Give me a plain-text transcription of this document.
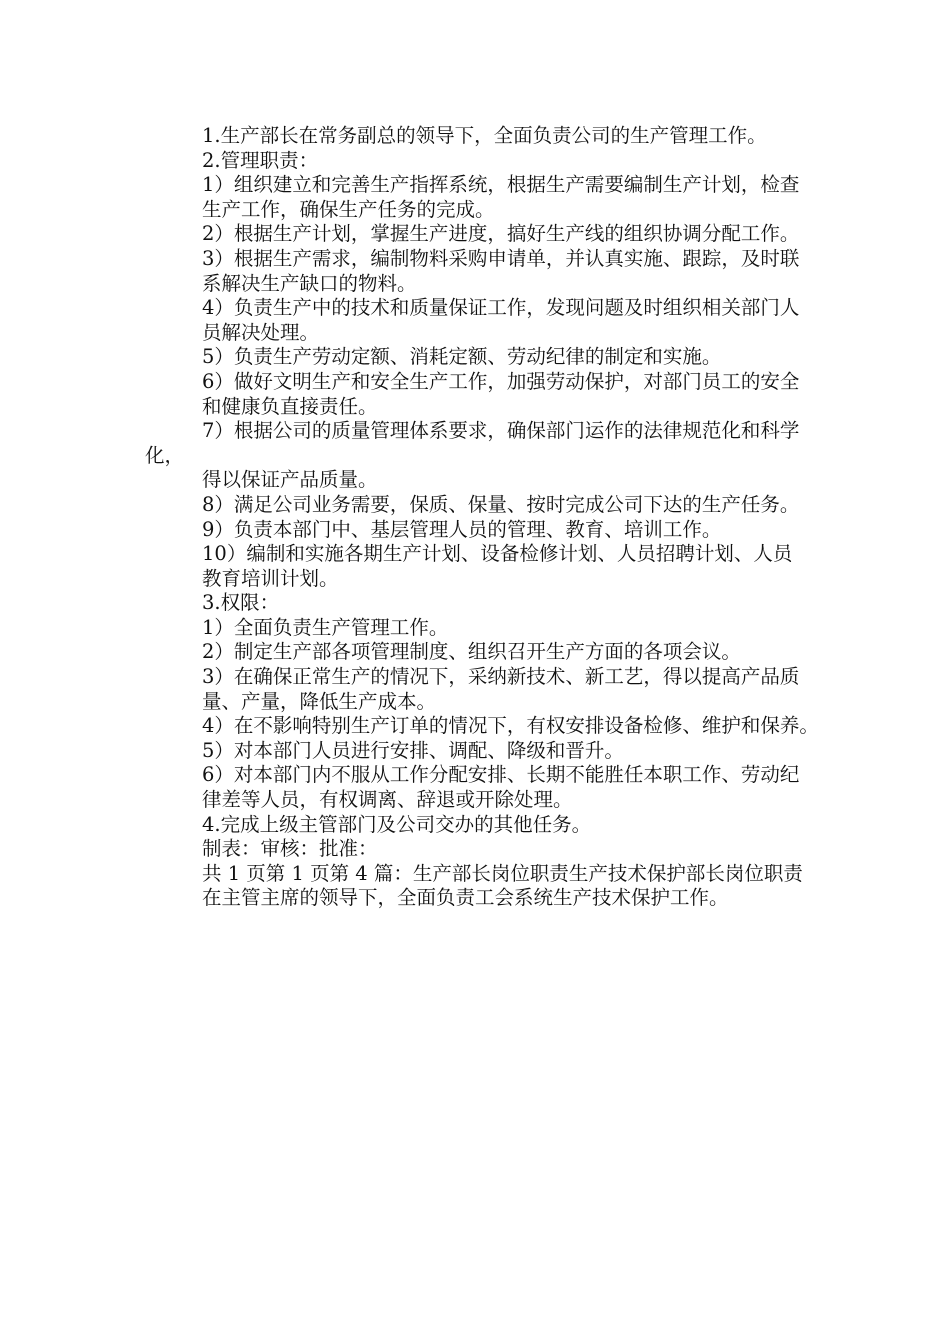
1.生产部长在常务副总的领导下，全面负责公司的生产管理工作。

2.管理职责：

1）组织建立和完善生产指挥系统，根据生产需要编制生产计划，检查

生产工作，确保生产任务的完成。

2）根据生产计划，掌握生产进度，搞好生产线的组织协调分配工作。

3）根据生产需求，编制物料采购申请单，并认真实施、跟踪，及时联

系解决生产缺口的物料。

4）负责生产中的技术和质量保证工作，发现问题及时组织相关部门人

员解决处理。

5）负责生产劳动定额、消耗定额、劳动纪律的制定和实施。

6）做好文明生产和安全生产工作，加强劳动保护，对部门员工的安全

和健康负直接责任。

7）根据公司的质量管理体系要求，确保部门运作的法律规范化和科学化，

得以保证产品质量。

8）满足公司业务需要，保质、保量、按时完成公司下达的生产任务。

9）负责本部门中、基层管理人员的管理、教育、培训工作。

10）编制和实施各期生产计划、设备检修计划、人员招聘计划、人员

教育培训计划。

3.权限：

1）全面负责生产管理工作。

2）制定生产部各项管理制度、组织召开生产方面的各项会议。

3）在确保正常生产的情况下，采纳新技术、新工艺，得以提高产品质

量、产量，降低生产成本。

4）在不影响特别生产订单的情况下，有权安排设备检修、维护和保养。

5）对本部门人员进行安排、调配、降级和晋升。

6）对本部门内不服从工作分配安排、长期不能胜任本职工作、劳动纪

律差等人员，有权调离、辞退或开除处理。

4.完成上级主管部门及公司交办的其他任务。

制表：审核：批准：

共 1 页第 1 页第 4 篇：生产部长岗位职责生产技术保护部长岗位职责

在主管主席的领导下，全面负责工会系统生产技术保护工作。
